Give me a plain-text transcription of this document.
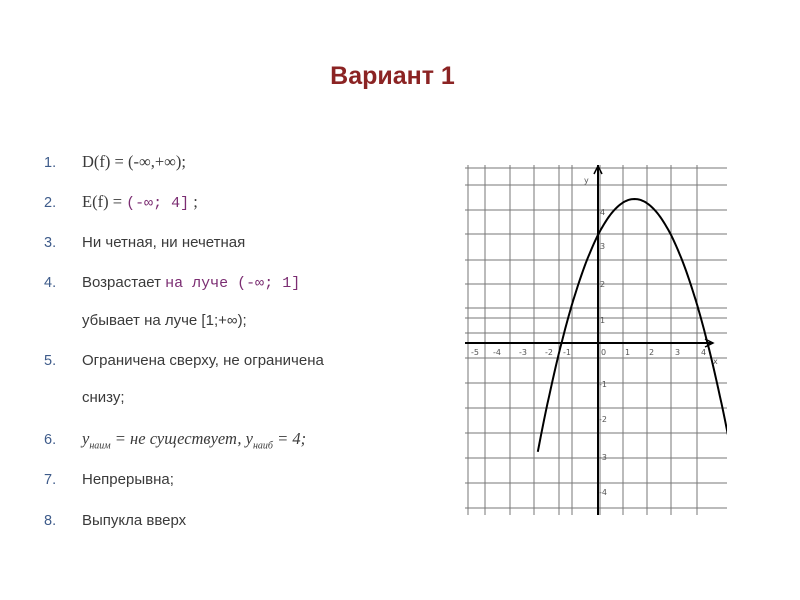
Вариант 1
1. D(f) = (-∞,+∞);
2. E(f) = (-∞; 4] ;
3. Ни четная, ни нечетная
4. Возрастает на луче (-∞; 1]
убывает на луче [1;+∞);
5. Ограничена сверху, не ограничена
снизу;
6. $y_{наим}$ = не существует, $y_{наиб} = 4$;
7. Непрерывна;
8. Выпукла вверх
x
y
0
-5 -4 -3 -2 -1	1 2	3	4
4
3
2
1
-1
-2
-3
-4
